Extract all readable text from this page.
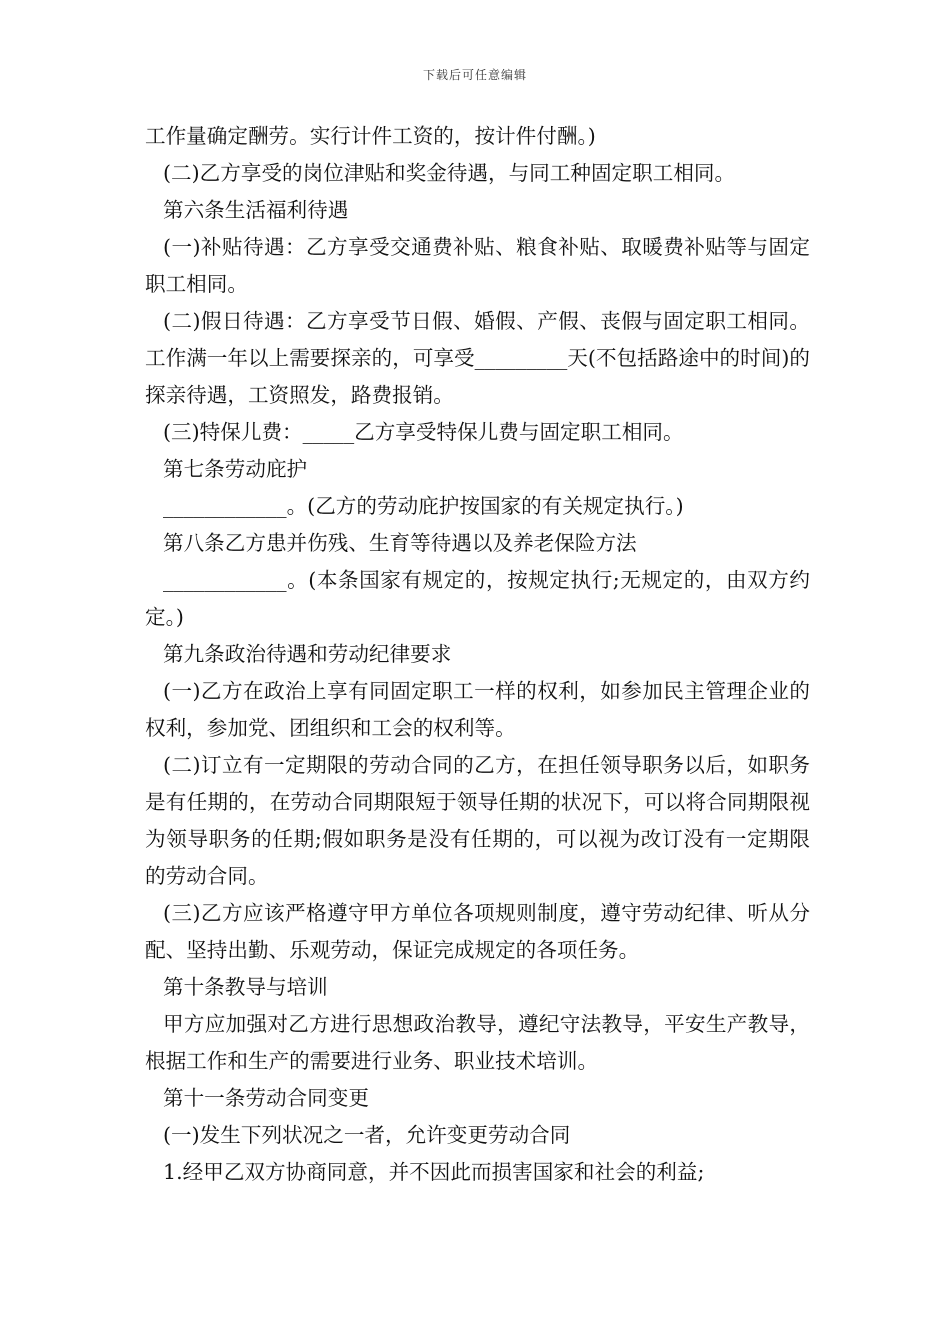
下载后可任意编辑

工作量确定酬劳。实行计件工资的，按计件付酬。)

(二)乙方享受的岗位津贴和奖金待遇，与同工种固定职工相同。

第六条生活福利待遇

(一)补贴待遇：乙方享受交通费补贴、粮食补贴、取暖费补贴等与固定职工相同。

(二)假日待遇：乙方享受节日假、婚假、产假、丧假与固定职工相同。工作满一年以上需要探亲的，可享受_________天(不包括路途中的时间)的探亲待遇，工资照发，路费报销。

(三)特保儿费：_____乙方享受特保儿费与固定职工相同。

第七条劳动庇护

____________。(乙方的劳动庇护按国家的有关规定执行。)

第八条乙方患并伤残、生育等待遇以及养老保险方法

____________。(本条国家有规定的，按规定执行;无规定的，由双方约定。)

第九条政治待遇和劳动纪律要求

(一)乙方在政治上享有同固定职工一样的权利，如参加民主管理企业的权利，参加党、团组织和工会的权利等。

(二)订立有一定期限的劳动合同的乙方，在担任领导职务以后，如职务是有任期的，在劳动合同期限短于领导任期的状况下，可以将合同期限视为领导职务的任期;假如职务是没有任期的，可以视为改订没有一定期限的劳动合同。

(三)乙方应该严格遵守甲方单位各项规则制度，遵守劳动纪律、听从分配、坚持出勤、乐观劳动，保证完成规定的各项任务。

第十条教导与培训

甲方应加强对乙方进行思想政治教导，遵纪守法教导，平安生产教导，根据工作和生产的需要进行业务、职业技术培训。

第十一条劳动合同变更

(一)发生下列状况之一者，允许变更劳动合同

1.经甲乙双方协商同意，并不因此而损害国家和社会的利益;
